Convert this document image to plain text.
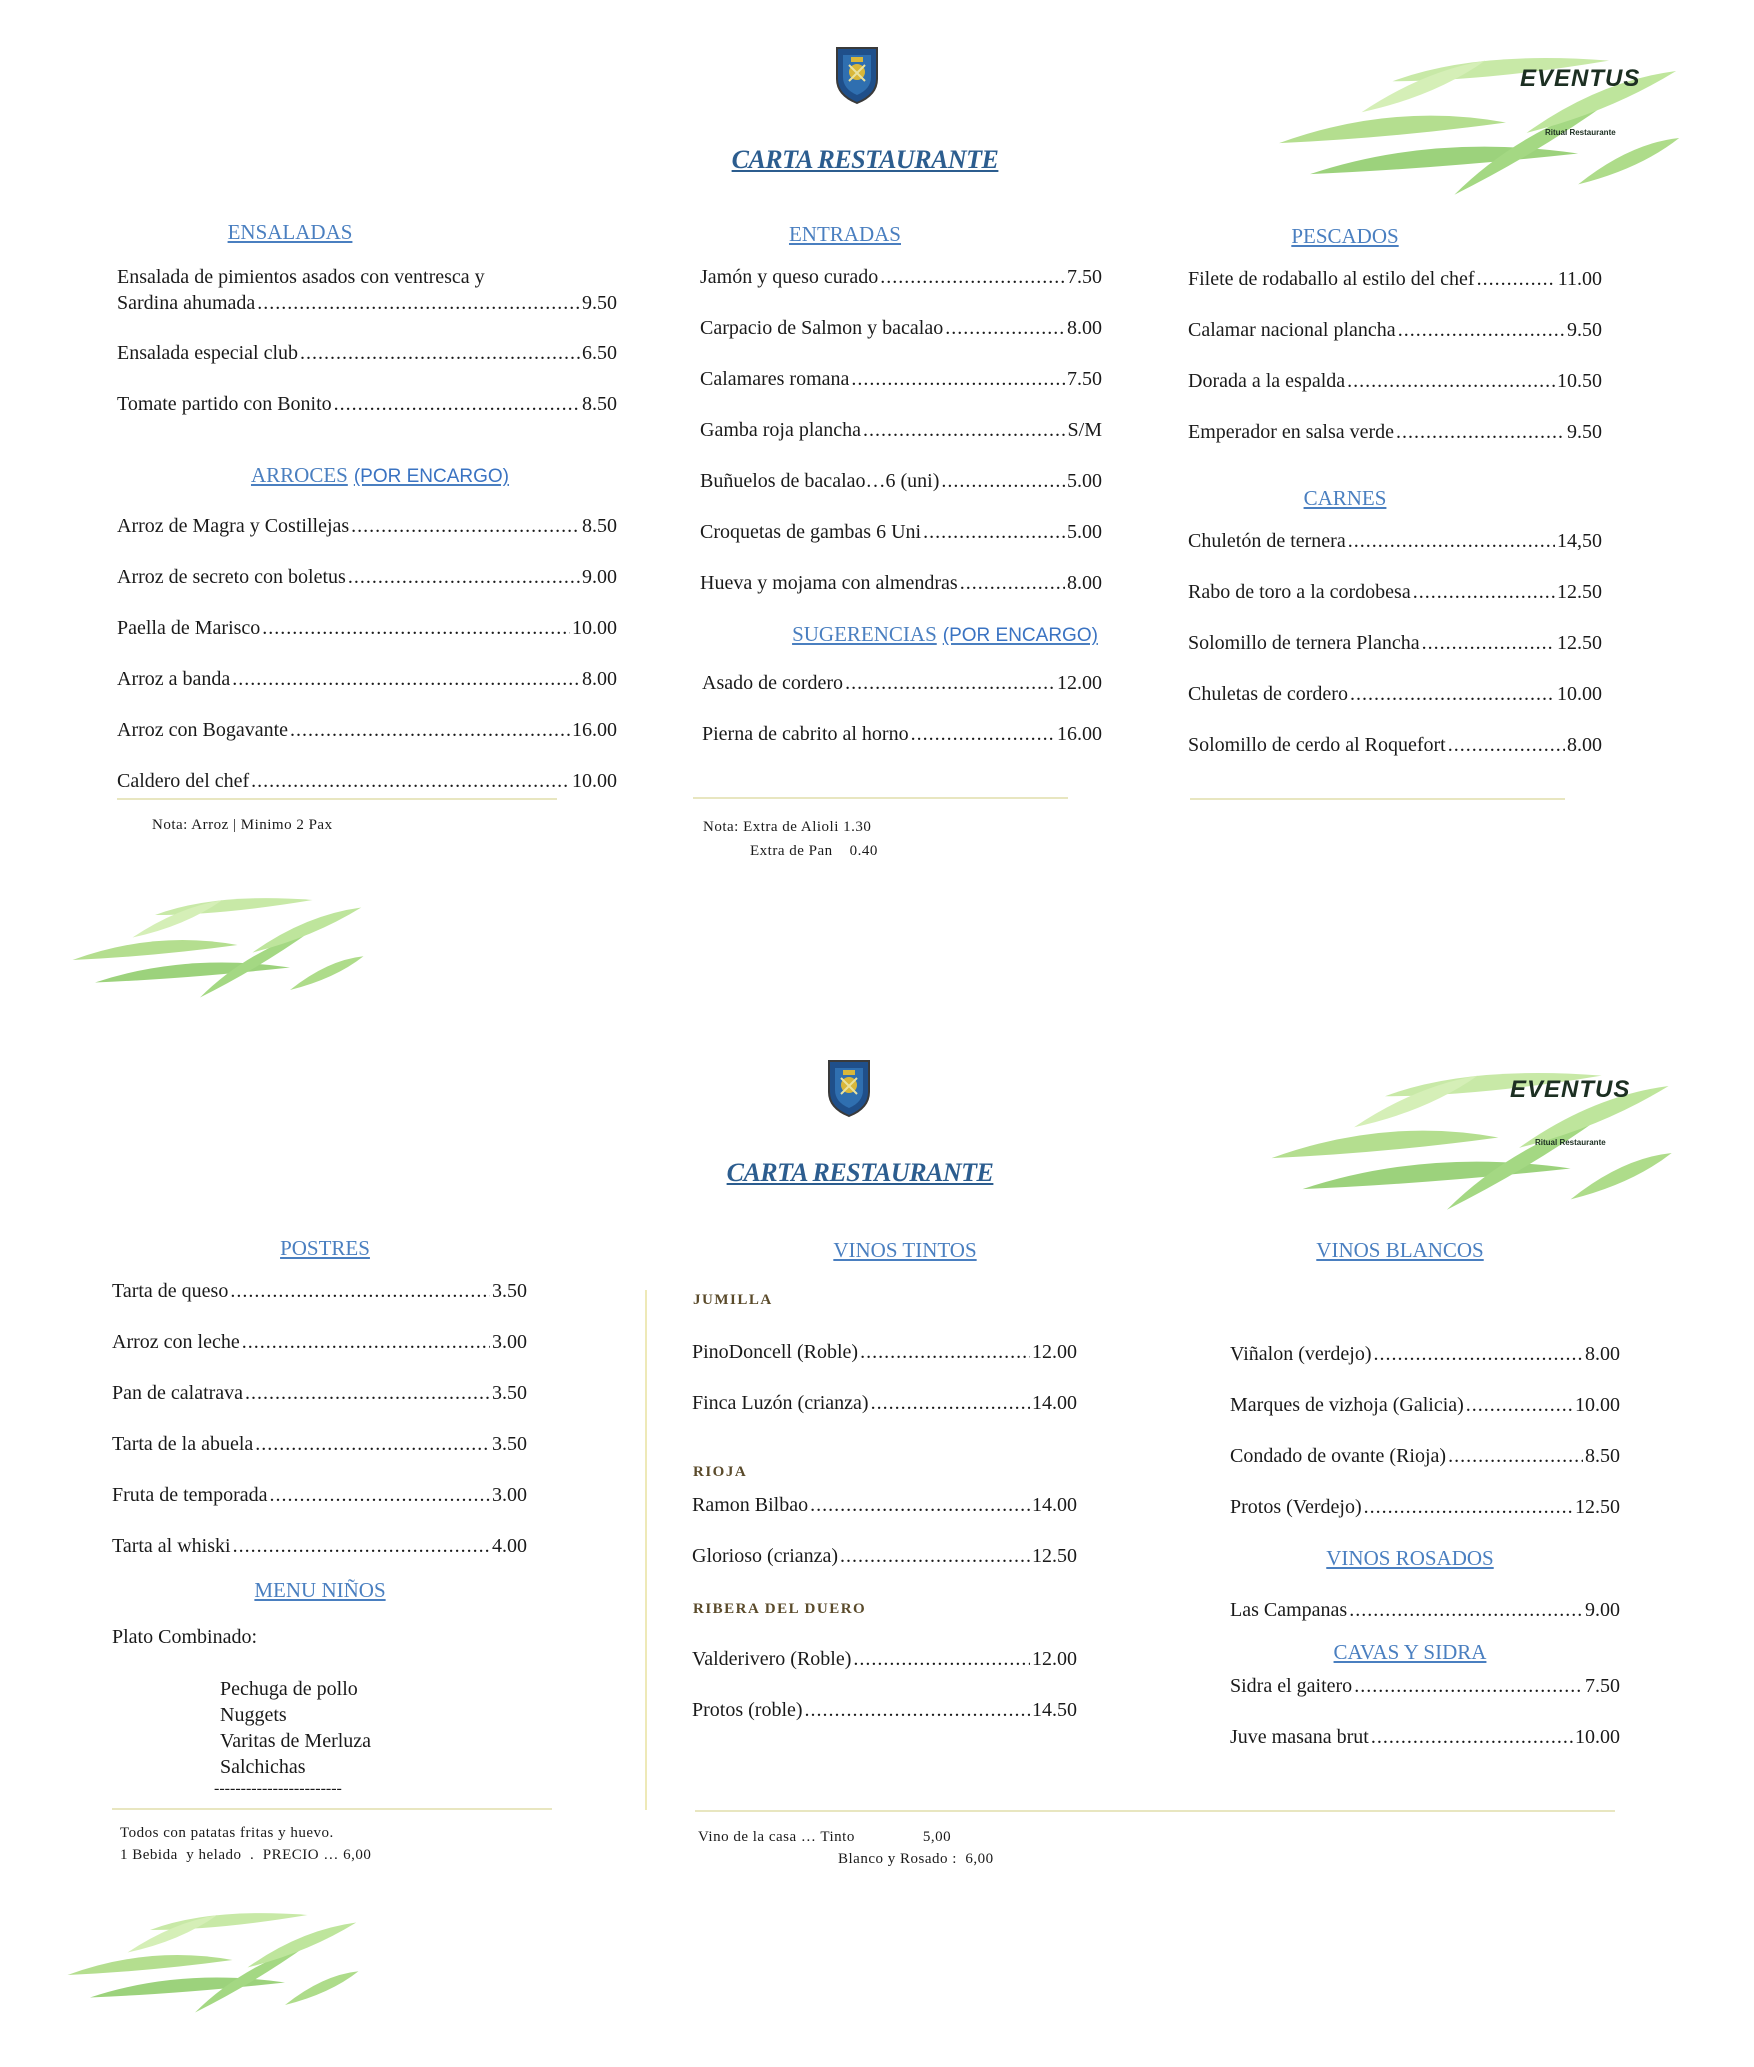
EVENTUS
Ritual Restaurante
CARTA RESTAURANTE
ENSALADAS
Ensalada de pimientos asados con ventresca y
Sardina ahumada .....	9.50
Ensalada especial club .....	6.50
Tomate partido con Bonito .....	8.50
ARROCES (POR ENCARGO)
Arroz de Magra y Costillejas .....	8.50
Arroz de secreto con boletus .....	9.00
Paella de Marisco .....	10.00
Arroz a banda .....	8.00
Arroz con Bogavante .....	16.00
Caldero del chef .....	10.00
Nota: Arroz | Minimo 2 Pax
ENTRADAS
Jamón y queso curado .....	7.50
Carpacio de Salmon y bacalao .....	8.00
Calamares romana .....	7.50
Gamba roja plancha .....	S/M
Buñuelos de bacalao…6 (uni) .....	5.00
Croquetas de gambas 6 Uni .....	5.00
Hueva y mojama con almendras .....	8.00
SUGERENCIAS (POR ENCARGO)
Asado de cordero .....	12.00
Pierna de cabrito al horno .....	16.00
Nota: Extra de Alioli 1.30
Extra de Pan    0.40
PESCADOS
Filete de rodaballo al estilo del chef .....	11.00
Calamar nacional plancha .....	9.50
Dorada a la espalda .....	10.50
Emperador en salsa verde .....	9.50
CARNES
Chuletón de ternera .....	14,50
Rabo de toro a la cordobesa .....	12.50
Solomillo de ternera Plancha .....	12.50
Chuletas de cordero .....	10.00
Solomillo de cerdo al Roquefort .....	8.00
EVENTUS
Ritual Restaurante
CARTA RESTAURANTE
POSTRES
Tarta de queso .....	3.50
Arroz con leche .....	3.00
Pan de calatrava .....	3.50
Tarta de la abuela .....	3.50
Fruta de temporada .....	3.00
Tarta al whiski .....	4.00
MENU NIÑOS
Plato Combinado:
Pechuga de pollo
Nuggets
Varitas de Merluza
Salchichas
------------------------
Todos con patatas fritas y huevo.
1 Bebida  y helado  .  PRECIO … 6,00
VINOS TINTOS
JUMILLA
PinoDoncell (Roble) .....	12.00
Finca Luzón (crianza) .....	14.00
RIOJA
Ramon Bilbao .....	14.00
Glorioso (crianza) .....	12.50
RIBERA DEL DUERO
Valderivero (Roble) .....	12.00
Protos (roble) .....	14.50
Vino de la casa … Tinto                5,00
Blanco y Rosado :  6,00
VINOS BLANCOS
Viñalon (verdejo) .....	8.00
Marques de vizhoja (Galicia) .....	10.00
Condado de ovante (Rioja) .....	8.50
Protos (Verdejo) .....	12.50
VINOS ROSADOS
Las Campanas .....	9.00
CAVAS Y SIDRA
Sidra el gaitero .....	7.50
Juve masana brut .....	10.00
